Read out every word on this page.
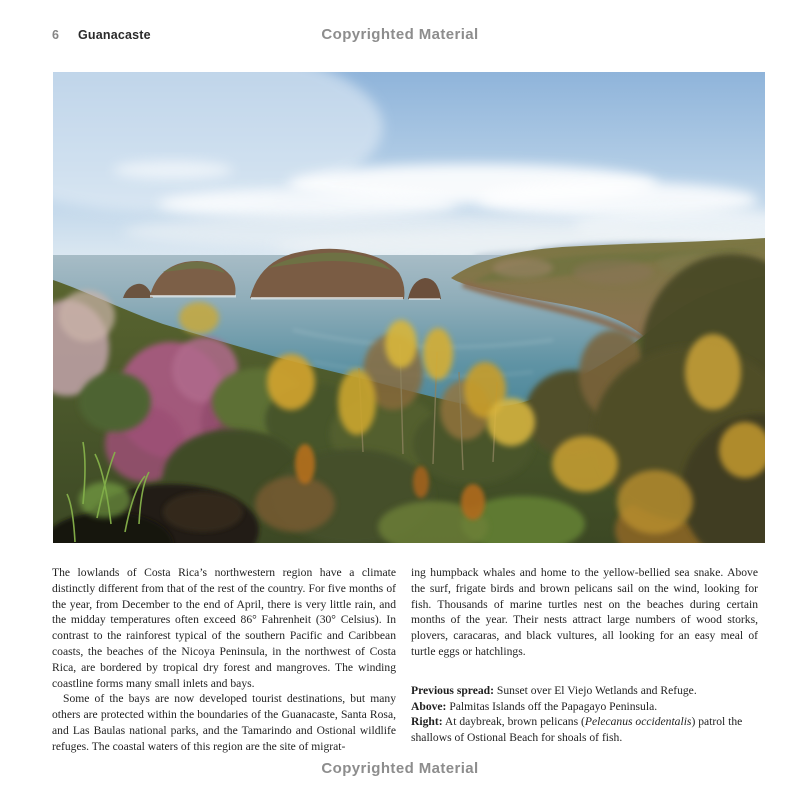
6 Guanacaste	Copyrighted Material

The lowlands of Costa Rica’s northwestern region have a climate distinctly different from that of the rest of the country. For five months of the year, from December to the end of April, there is very little rain, and the midday temperatures often exceed 86° Fahrenheit (30° Celsius). In contrast to the rainforest typical of the southern Pacific and Caribbean coasts, the beaches of the Nicoya Peninsula, in the northwest of Costa Rica, are bordered by tropical dry forest and mangroves. The winding coastline forms many small inlets and bays.

Some of the bays are now developed tourist destinations, but many others are protected within the boundaries of the Guanacaste, Santa Rosa, and Las Baulas national parks, and the Tamarindo and Ostional wildlife refuges. The coastal waters of this region are the site of migrat-

ing humpback whales and home to the yellow-bellied sea snake. Above the surf, frigate birds and brown pelicans sail on the wind, looking for fish. Thousands of marine turtles nest on the beaches during certain months of the year. Their nests attract large numbers of wood storks, plovers, caracaras, and black vultures, all looking for an easy meal of turtle eggs or hatchlings.

Previous spread: Sunset over El Viejo Wetlands and Refuge.

Above: Palmitas Islands off the Papagayo Peninsula.

Right: At daybreak, brown pelicans (Pelecanus occidentalis) patrol the shallows of Ostional Beach for shoals of fish.

Copyrighted Material
